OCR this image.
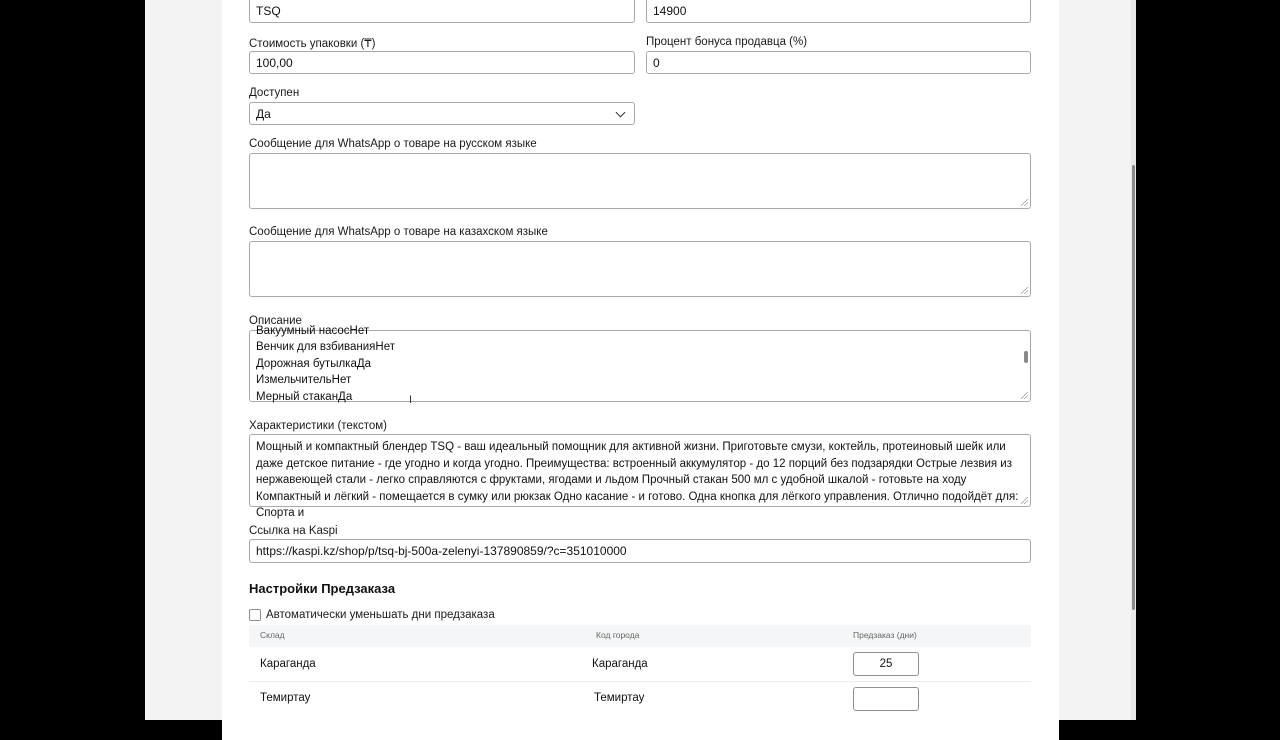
TSQ	14900
Стоимость упаковки (₸)
100,00
Процент бонуса продавца (%)
0
Доступен
Да
Сообщение для WhatsApp о товаре на русском языке
Сообщение для WhatsApp о товаре на казахском языке
Описание
Вакуумный насосНет
Венчик для взбиванияНет
Дорожная бутылкаДа
ИзмельчительНет
Мерный стаканДа	I
Характеристики (текстом)
Мощный и компактный блендер TSQ - ваш идеальный помощник для активной жизни. Приготовьте смузи, коктейль, протеиновый шейк или даже детское питание - где угодно и когда угодно. Преимущества: встроенный аккумулятор - до 12 порций без подзарядки Острые лезвия из нержавеющей стали - легко справляются с фруктами, ягодами и льдом Прочный стакан 500 мл с удобной шкалой - готовьте на ходу Компактный и лёгкий - помещается в сумку или рюкзак Одно касание - и готово. Одна кнопка для лёгкого управления. Отлично подойдёт для: Спорта и
Ссылка на Kaspi
https://kaspi.kz/shop/p/tsq-bj-500a-zelenyi-137890859/?c=351010000
Настройки Предзаказа
Автоматически уменьшать дни предзаказа
Склад	Код города	Предзаказ (дни)
Караганда	Караганда	25
Темиртау	Темиртау
